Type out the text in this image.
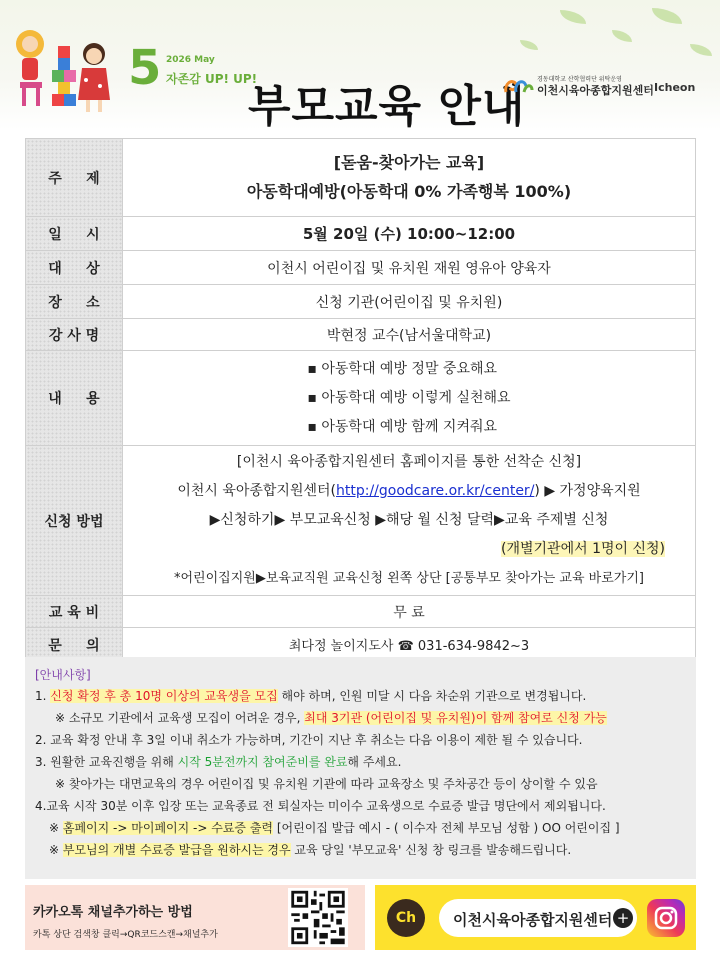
5 2026 May
자존감 UP! UP!
부모교육 안내
경동대학교 산학협력단 위탁운영
이천시육아종합지원센터 Icheon
주     제	[돋움-찾아가는 교육]
아동학대예방(아동학대 0% 가족행복 100%)

일     시	5월 20일 (수) 10:00~12:00
대     상	이천시 어린이집 및 유치원 재원 영유아 양육자
장     소	신청 기관(어린이집 및 유치원)
강 사 명	박현정 교수(남서울대학교)
내     용	▪ 아동학대 예방 정말 중요해요
▪ 아동학대 예방 이렇게 실천해요
▪ 아동학대 예방 함께 지켜줘요

신청 방법	[이천시 육아종합지원센터 홈페이지를 통한 선착순 신청]
이천시 육아종합지원센터(http://goodcare.or.kr/center/) ▶ 가정양육지원
▶신청하기▶ 부모교육신청 ▶해당 월 신청 달력▶교육 주제별 신청
(개별기관에서 1명이 신청)
*어린이집지원▶보육교직원 교육신청 왼쪽 상단 [공통부모 찾아가는 교육 바로가기]

교 육 비	무 료
문     의	최다정 놀이지도사 ☎ 031-634-9842~3
[안내사항]

1. 신청 확정 후 총 10명 이상의 교육생을 모집 해야 하며, 인원 미달 시 다음 차순위 기관으로 변경됩니다.

※ 소규모 기관에서 교육생 모집이 어려운 경우, 최대 3기관 (어린이집 및 유치원)이 함께 참여로 신청 가능

2. 교육 확정 안내 후 3일 이내 취소가 가능하며, 기간이 지난 후 취소는 다음 이용이 제한 될 수 있습니다.

3. 원활한 교육진행을 위해 시작 5분전까지 참여준비를 완료해 주세요.

※ 찾아가는 대면교육의 경우 어린이집 및 유치원 기관에 따라 교육장소 및 주차공간 등이 상이할 수 있음

4.교육 시작 30분 이후 입장 또는 교육종료 전 퇴실자는 미이수 교육생으로 수료증 발급 명단에서 제외됩니다.

※ 홈페이지 -> 마이페이지 -> 수료증 출력 [어린이집 발급 예시 - ( 이수자 전체 부모님 성함 ) OO 어린이집 ]

※ 부모님의 개별 수료증 발급을 원하시는 경우 교육 당일 '부모교육' 신청 창 링크를 발송해드립니다.

카카오톡 채널추가하는 방법
카톡 상단 검색창 클릭→QR코드스캔→채널추가
Ch	이천시육아종합지원센터 +
